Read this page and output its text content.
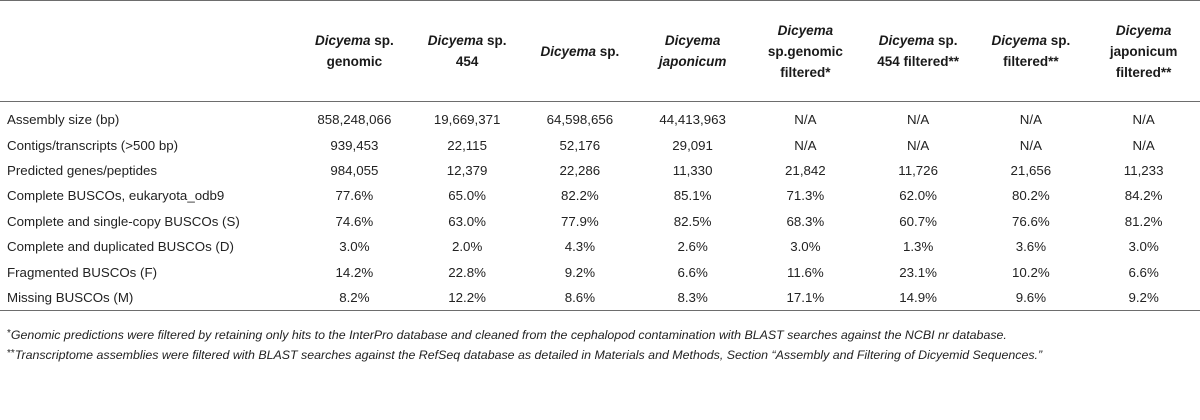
	Dicyema sp. genomic	Dicyema sp. 454	Dicyema sp.	Dicyema japonicum	Dicyema sp.genomic filtered*	Dicyema sp. 454 filtered**	Dicyema sp. filtered**	Dicyema japonicum filtered**
Assembly size (bp)	858,248,066	19,669,371	64,598,656	44,413,963	N/A	N/A	N/A	N/A
Contigs/transcripts (>500 bp)	939,453	22,115	52,176	29,091	N/A	N/A	N/A	N/A
Predicted genes/peptides	984,055	12,379	22,286	11,330	21,842	11,726	21,656	11,233
Complete BUSCOs, eukaryota_odb9	77.6%	65.0%	82.2%	85.1%	71.3%	62.0%	80.2%	84.2%
Complete and single-copy BUSCOs (S)	74.6%	63.0%	77.9%	82.5%	68.3%	60.7%	76.6%	81.2%
Complete and duplicated BUSCOs (D)	3.0%	2.0%	4.3%	2.6%	3.0%	1.3%	3.6%	3.0%
Fragmented BUSCOs (F)	14.2%	22.8%	9.2%	6.6%	11.6%	23.1%	10.2%	6.6%
Missing BUSCOs (M)	8.2%	12.2%	8.6%	8.3%	17.1%	14.9%	9.6%	9.2%

*Genomic predictions were filtered by retaining only hits to the InterPro database and cleaned from the cephalopod contamination with BLAST searches against the NCBI nr database.

**Transcriptome assemblies were filtered with BLAST searches against the RefSeq database as detailed in Materials and Methods, Section “Assembly and Filtering of Dicyemid Sequences.”
